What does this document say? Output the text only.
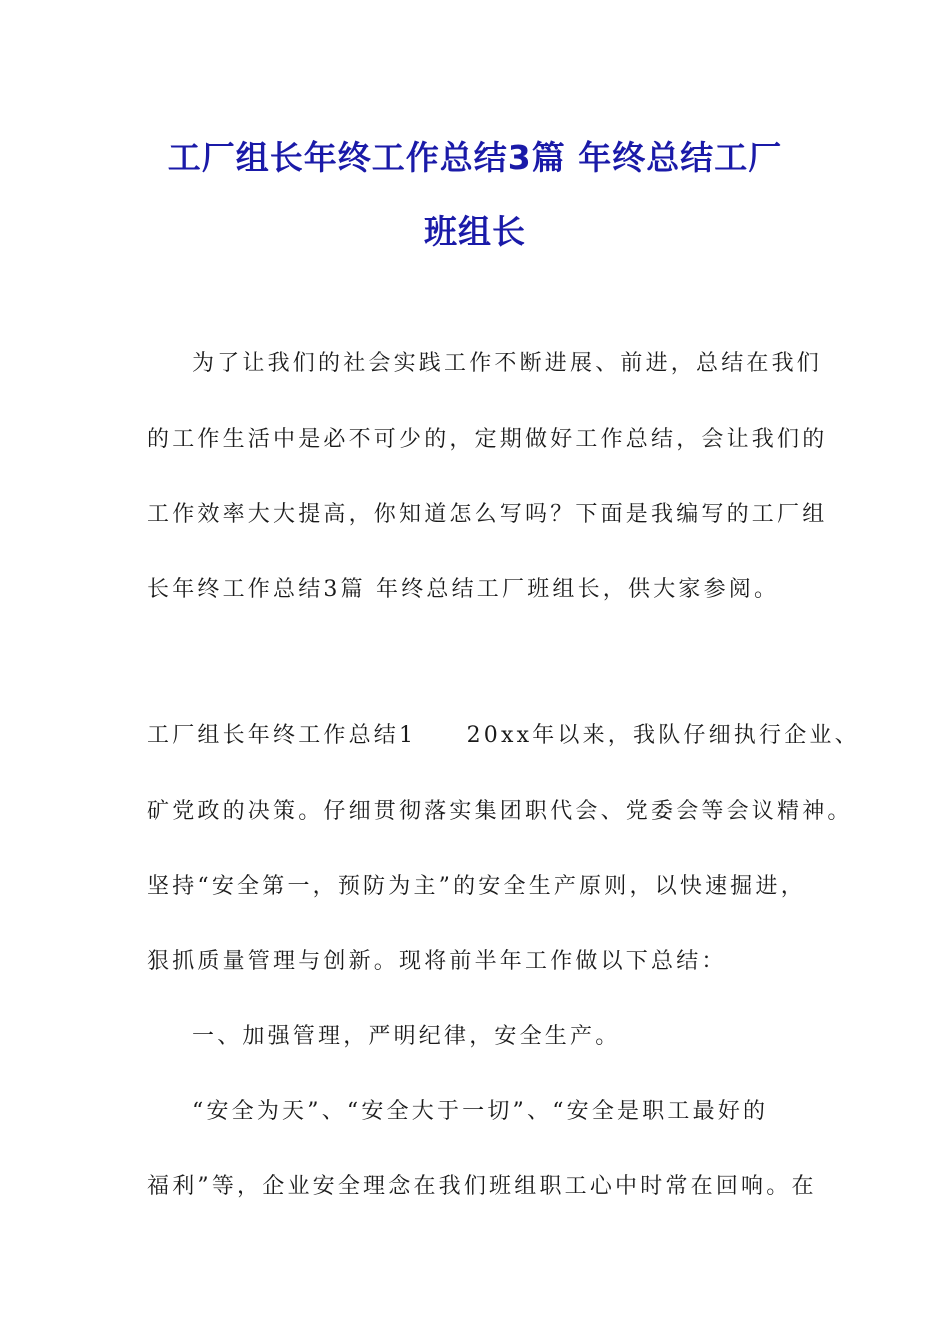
工厂组长年终工作总结3篇 年终总结工厂
班组长
为了让我们的社会实践工作不断进展、前进，总结在我们
的工作生活中是必不可少的，定期做好工作总结，会让我们的
工作效率大大提高，你知道怎么写吗？下面是我编写的工厂组
长年终工作总结3篇 年终总结工厂班组长，供大家参阅。
工厂组长年终工作总结1　　20xx年以来，我队仔细执行企业、
矿党政的决策。仔细贯彻落实集团职代会、党委会等会议精神。
坚持“安全第一，预防为主”的安全生产原则，以快速掘进，
狠抓质量管理与创新。现将前半年工作做以下总结：
一、加强管理，严明纪律，安全生产。
“安全为天”、“安全大于一切”、“安全是职工最好的
福利”等，企业安全理念在我们班组职工心中时常在回响。在
